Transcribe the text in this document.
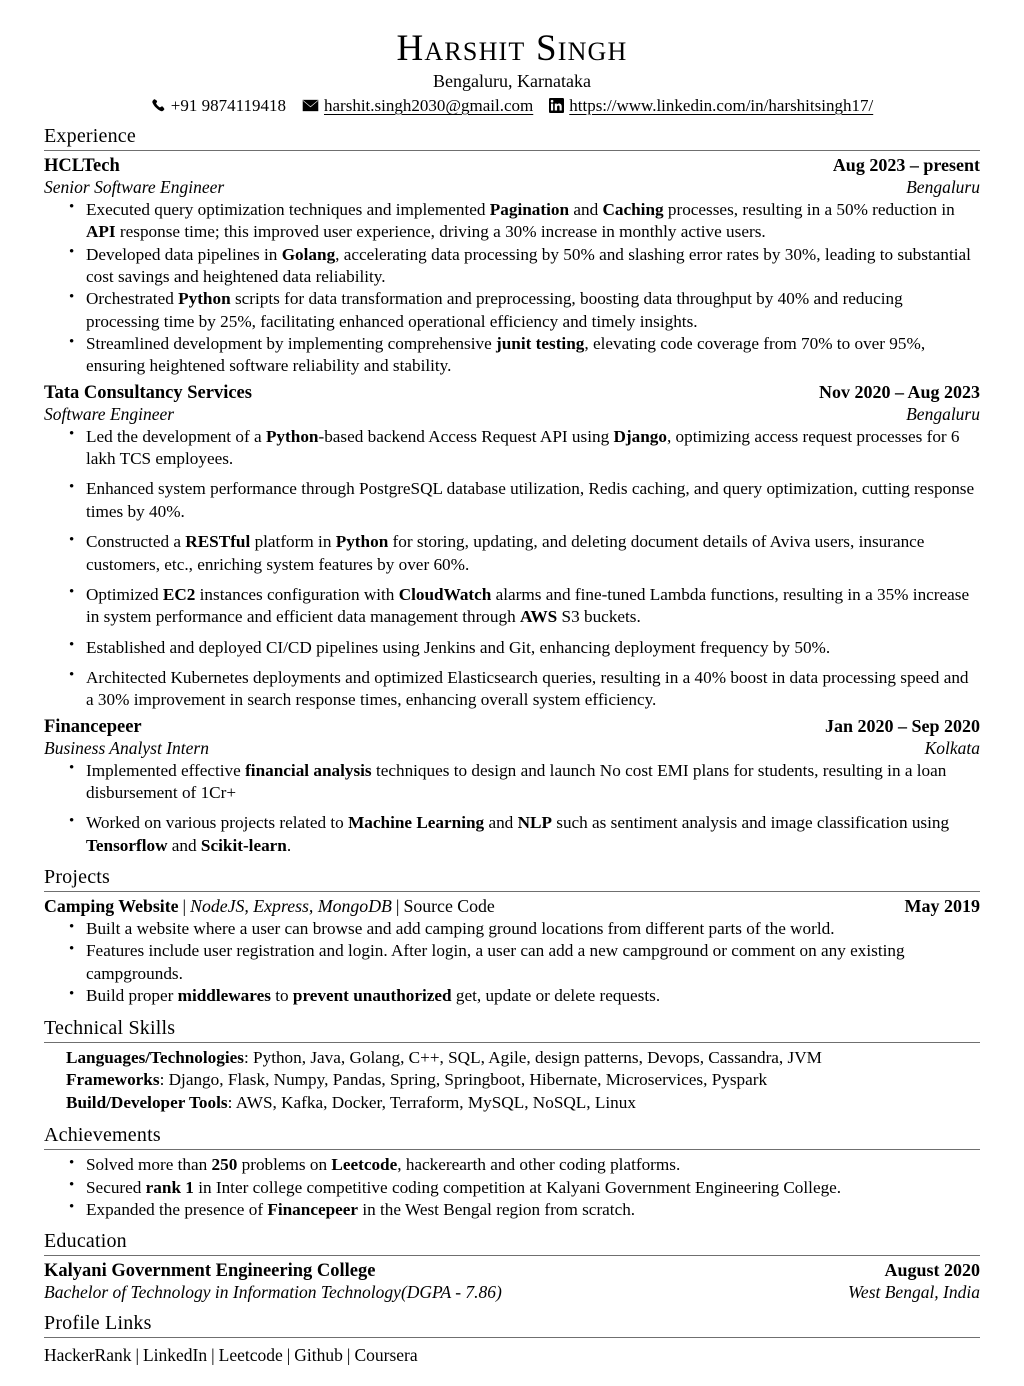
Harshit Singh
Bengaluru, Karnataka
+91 9874119418 harshit.singh2030@gmail.com https://www.linkedin.com/in/harshitsingh17/
Experience
HCLTech	Aug 2023 – present
Senior Software Engineer	Bengaluru
• Executed query optimization techniques and implemented Pagination and Caching processes, resulting in a 50% reduction in API response time; this improved user experience, driving a 30% increase in monthly active users.
• Developed data pipelines in Golang, accelerating data processing by 50% and slashing error rates by 30%, leading to substantial cost savings and heightened data reliability.
• Orchestrated Python scripts for data transformation and preprocessing, boosting data throughput by 40% and reducing processing time by 25%, facilitating enhanced operational efficiency and timely insights.
• Streamlined development by implementing comprehensive junit testing, elevating code coverage from 70% to over 95%, ensuring heightened software reliability and stability.
Tata Consultancy Services	Nov 2020 – Aug 2023
Software Engineer	Bengaluru
• Led the development of a Python-based backend Access Request API using Django, optimizing access request processes for 6 lakh TCS employees.
• Enhanced system performance through PostgreSQL database utilization, Redis caching, and query optimization, cutting response times by 40%.
• Constructed a RESTful platform in Python for storing, updating, and deleting document details of Aviva users, insurance customers, etc., enriching system features by over 60%.
• Optimized EC2 instances configuration with CloudWatch alarms and fine-tuned Lambda functions, resulting in a 35% increase in system performance and efficient data management through AWS S3 buckets.
• Established and deployed CI/CD pipelines using Jenkins and Git, enhancing deployment frequency by 50%.
• Architected Kubernetes deployments and optimized Elasticsearch queries, resulting in a 40% boost in data processing speed and a 30% improvement in search response times, enhancing overall system efficiency.
Financepeer	Jan 2020 – Sep 2020
Business Analyst Intern	Kolkata
• Implemented effective financial analysis techniques to design and launch No cost EMI plans for students, resulting in a loan disbursement of 1Cr+
• Worked on various projects related to Machine Learning and NLP such as sentiment analysis and image classification using Tensorflow and Scikit-learn.
Projects
Camping Website | NodeJS, Express, MongoDB | Source Code	May 2019
• Built a website where a user can browse and add camping ground locations from different parts of the world.
• Features include user registration and login. After login, a user can add a new campground or comment on any existing campgrounds.
• Build proper middlewares to prevent unauthorized get, update or delete requests.
Technical Skills
Languages/Technologies: Python, Java, Golang, C++, SQL, Agile, design patterns, Devops, Cassandra, JVM
Frameworks: Django, Flask, Numpy, Pandas, Spring, Springboot, Hibernate, Microservices, Pyspark
Build/Developer Tools: AWS, Kafka, Docker, Terraform, MySQL, NoSQL, Linux
Achievements
• Solved more than 250 problems on Leetcode, hackerearth and other coding platforms.
• Secured rank 1 in Inter college competitive coding competition at Kalyani Government Engineering College.
• Expanded the presence of Financepeer in the West Bengal region from scratch.
Education
Kalyani Government Engineering College	August 2020
Bachelor of Technology in Information Technology(DGPA - 7.86)	West Bengal, India
Profile Links
HackerRank | LinkedIn | Leetcode | Github | Coursera
